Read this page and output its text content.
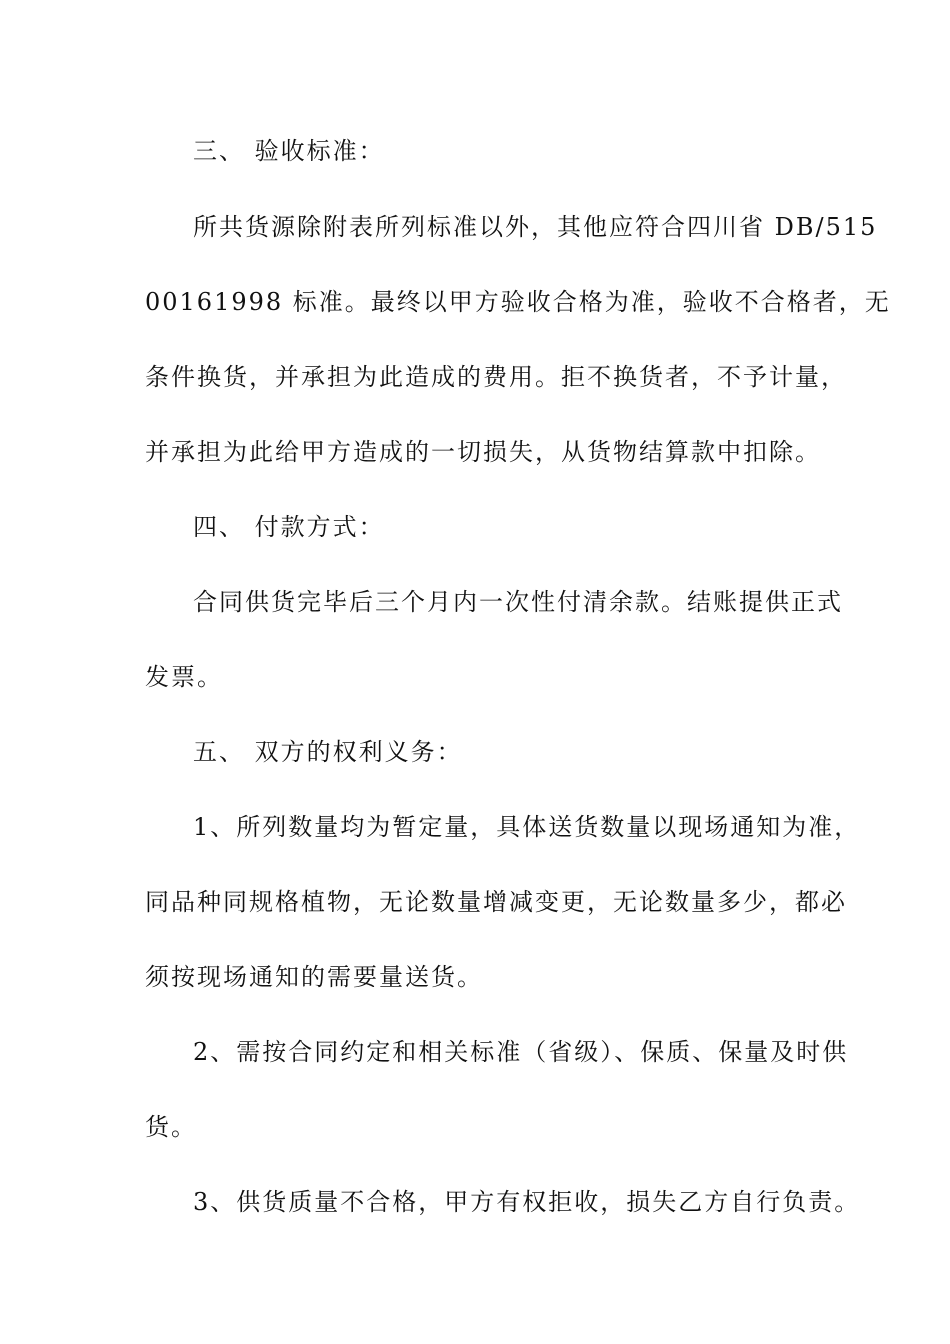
三、 验收标准：
所共货源除附表所列标准以外，其他应符合四川省 DB/515
00161998 标准。最终以甲方验收合格为准，验收不合格者，无
条件换货，并承担为此造成的费用。拒不换货者，不予计量，
并承担为此给甲方造成的一切损失，从货物结算款中扣除。
四、 付款方式：
合同供货完毕后三个月内一次性付清余款。结账提供正式
发票。
五、 双方的权利义务：
1、所列数量均为暂定量，具体送货数量以现场通知为准，
同品种同规格植物，无论数量增减变更，无论数量多少，都必
须按现场通知的需要量送货。
2、需按合同约定和相关标准（省级）、保质、保量及时供
货。
3、供货质量不合格，甲方有权拒收，损失乙方自行负责。
